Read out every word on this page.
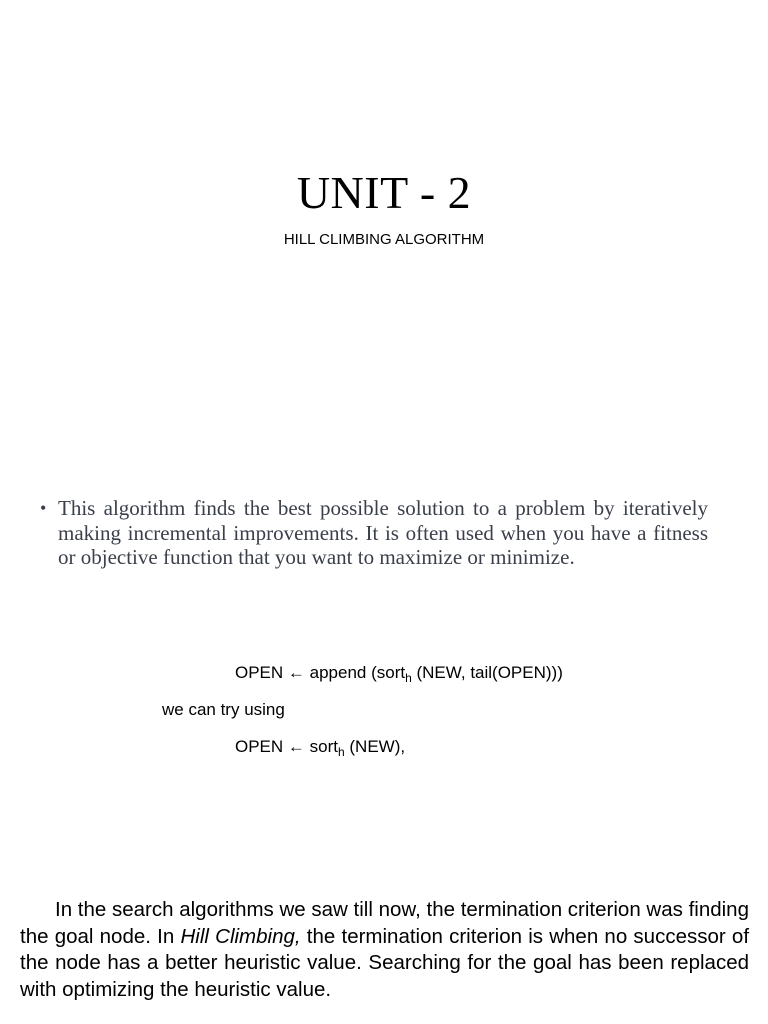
UNIT - 2
HILL CLIMBING ALGORITHM
• This algorithm finds the best possible solution to a problem by iteratively making incremental improvements. It is often used when you have a fitness or objective function that you want to maximize or minimize.
OPEN ← append (sort$_h$ (NEW, tail(OPEN)))
we can try using
OPEN ← sort$_h$ (NEW),
In the search algorithms we saw till now, the termination criterion was finding the goal node. In Hill Climbing, the termination criterion is when no successor of the node has a better heuristic value. Searching for the goal has been replaced with optimizing the heuristic value.
